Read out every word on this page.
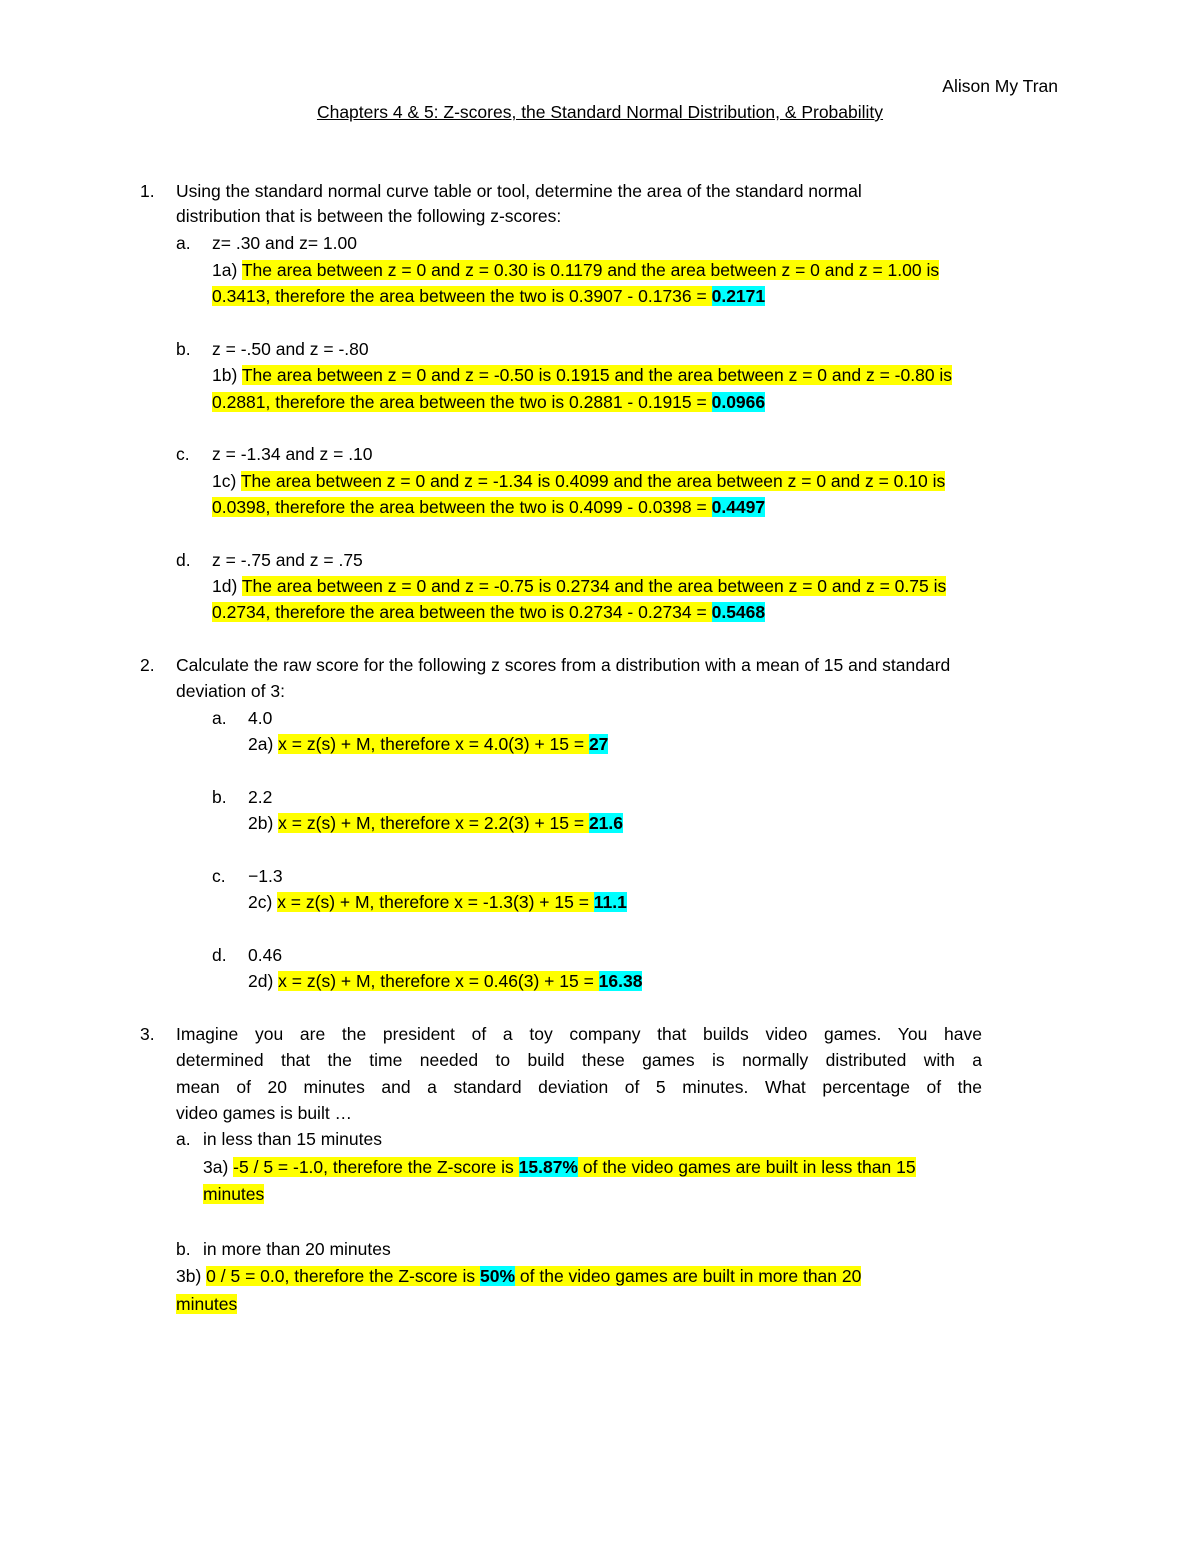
Alison My Tran
Chapters 4 & 5: Z-scores, the Standard Normal Distribution, & Probability
1. Using the standard normal curve table or tool, determine the area of the standard normal
distribution that is between the following z-scores:
a. z= .30 and z= 1.00
1a) The area between z = 0 and z = 0.30 is 0.1179 and the area between z = 0 and z = 1.00 is
0.3413, therefore the area between the two is 0.3907 - 0.1736 = 0.2171
b. z = -.50 and z = -.80
1b) The area between z = 0 and z = -0.50 is 0.1915 and the area between z = 0 and z = -0.80 is
0.2881, therefore the area between the two is 0.2881 - 0.1915 = 0.0966
c. z = -1.34 and z = .10
1c) The area between z = 0 and z = -1.34 is 0.4099 and the area between z = 0 and z = 0.10 is
0.0398, therefore the area between the two is 0.4099 - 0.0398 = 0.4497
d. z = -.75 and z = .75
1d) The area between z = 0 and z = -0.75 is 0.2734 and the area between z = 0 and z = 0.75 is
0.2734, therefore the area between the two is 0.2734 - 0.2734 = 0.5468
2. Calculate the raw score for the following z scores from a distribution with a mean of 15 and standard
deviation of 3:
a. 4.0
2a) x = z(s) + M, therefore x = 4.0(3) + 15 = 27
b. 2.2
2b) x = z(s) + M, therefore x = 2.2(3) + 15 = 21.6
c. −1.3
2c) x = z(s) + M, therefore x = -1.3(3) + 15 = 11.1
d. 0.46
2d) x = z(s) + M, therefore x = 0.46(3) + 15 = 16.38
3. Imagine you are the president of a toy company that builds video games. You have
determined that the time needed to build these games is normally distributed with a
mean of 20 minutes and a standard deviation of 5 minutes. What percentage of the
video games is built …
a. in less than 15 minutes
3a) -5 / 5 = -1.0, therefore the Z-score is 15.87% of the video games are built in less than 15
minutes
b. in more than 20 minutes
3b) 0 / 5 = 0.0, therefore the Z-score is 50% of the video games are built in more than 20
minutes
